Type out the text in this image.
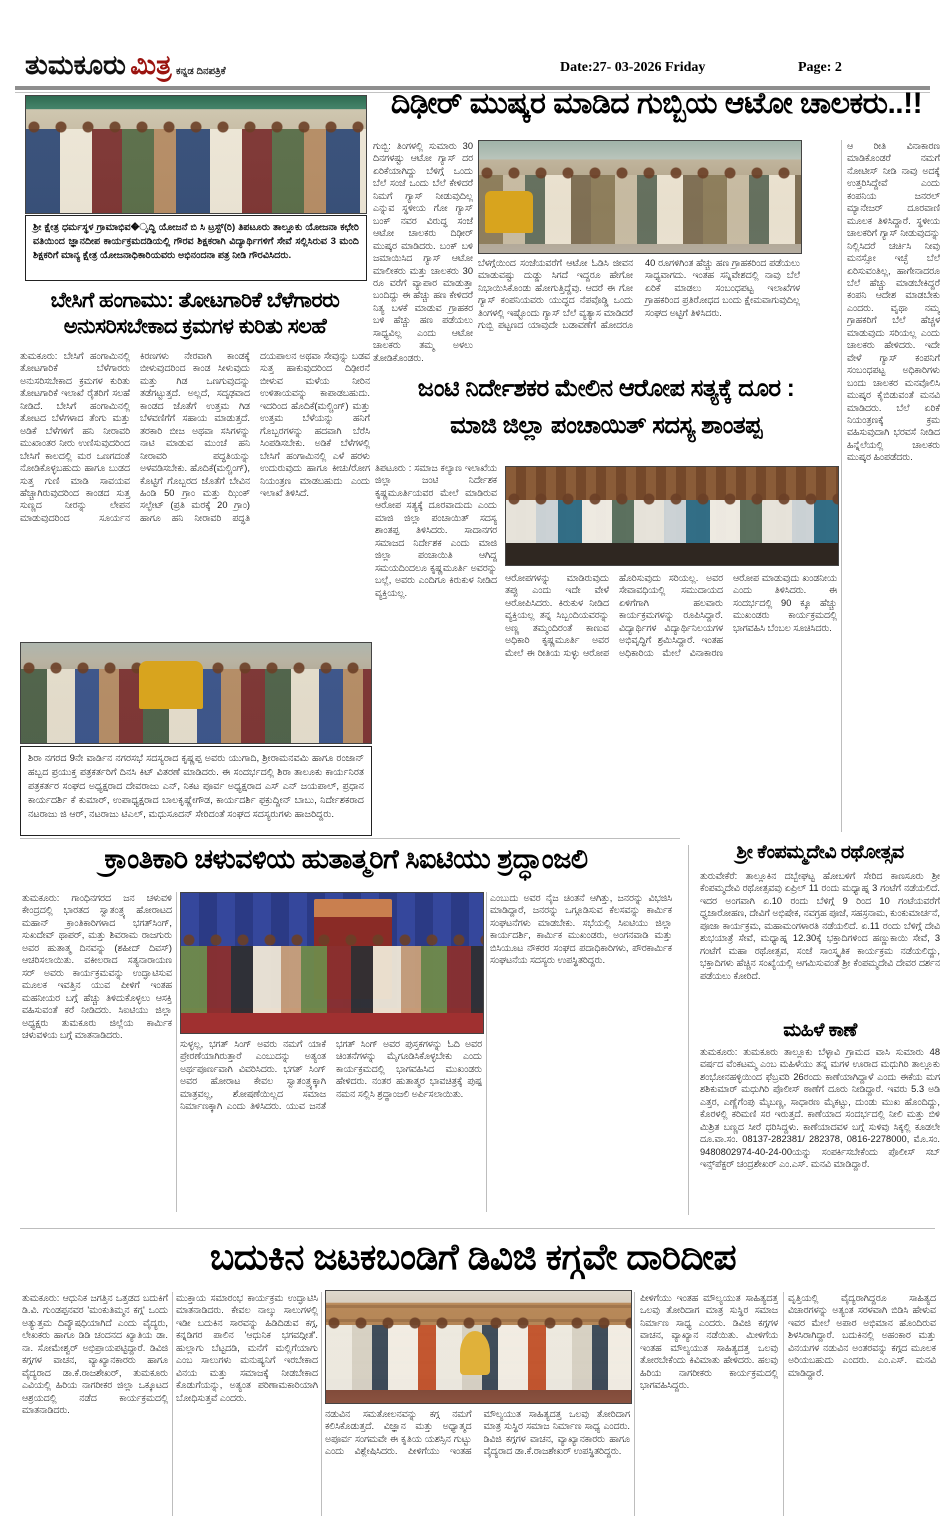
ತುಮಕೂರು ಮಿತ್ರ ಕನ್ನಡ ದಿನಪತ್ರಿಕೆ	Date:27- 03-2026 Friday	Page: 2
ಶ್ರೀ ಕ್ಷೇತ್ರ ಧರ್ಮಸ್ಥಳ ಗ್ರಾಮಾಭಿವ�ೃದ್ಧಿ ಯೋಜನೆ ಬಿ ಸಿ ಟ್ರಸ್ಟ್(ರಿ) ತಿಪಟೂರು ತಾಲ್ಲೂಕು ಯೋಜನಾ ಕಛೇರಿ ವತಿಯಿಂದ ಜ್ಞಾನದೀಪ ಕಾರ್ಯಕ್ರಮದಡಿಯಲ್ಲಿ ಗೌರವ ಶಿಕ್ಷಕರಾಗಿ ವಿದ್ಯಾರ್ಥಿಗಳಿಗೆ ಸೇವೆ ಸಲ್ಲಿಸಿರುವ 3 ಮಂದಿ ಶಿಕ್ಷಕರಿಗೆ ಮಾನ್ಯ ಕ್ಷೇತ್ರ ಯೋಜನಾಧಿಕಾರಿಯವರು ಅಭಿನಂದನಾ ಪತ್ರ ನೀಡಿ ಗೌರವಿಸಿದರು.
ದಿಢೀರ್ ಮುಷ್ಕರ ಮಾಡಿದ ಗುಬ್ಬಿಯ ಆಟೋ ಚಾಲಕರು..!!
ಗುಬ್ಬಿ: ತಿಂಗಳಲ್ಲಿ ಸುಮಾರು 30 ದಿನಗಳಷ್ಟು ಆಟೋ ಗ್ಯಾಸ್ ದರ ಏರಿಕೆಯಾಗಿದ್ದು ಬೆಳಿಗ್ಗೆ ಒಂದು ಬೆಲೆ ಸಂಜೆ ಒಂದು ಬೆಲೆ ಕೇಳಿದರೆ ನಿಮಗೆ ಗ್ಯಾಸ್ ನೀಡುವುದಿಲ್ಲ ಎನ್ನುವ ಸ್ಥಳೀಯ ಗೋ ಗ್ಯಾಸ್ ಬಂಕ್ ನವರ ವಿರುದ್ಧ ಸಂಜೆ ಆಟೋ ಚಾಲಕರು ದಿಢೀರ್ ಮುಷ್ಕರ ಮಾಡಿದರು. ಬಂಕ್ ಬಳಿ ಜಮಾಯಿಸಿದ ಗ್ಯಾಸ್ ಆಟೋ ಮಾಲೀಕರು ಮತ್ತು ಚಾಲಕರು 30 ರೂ ವರೆಗೆ ವ್ಯಾಪಾರ ಮಾಡುತ್ತಾ ಬಂದಿದ್ದು ಈ ಹೆಚ್ಚು ಹಣ ಕೇಳಿದರೆ ನಿತ್ಯ ಬಳಕೆ ಮಾಡುವ ಗ್ರಾಹಕರ ಬಳಿ ಹೆಚ್ಚು ಹಣ ಪಡೆಯಲು ಸಾಧ್ಯವಿಲ್ಲ ಎಂದು ಆಟೋ ಚಾಲಕರು ತಮ್ಮ ಅಳಲು ತೋಡಿಕೊಂಡರು.
ಬೆಳಗ್ಗೆಯಿಂದ ಸಂಜೆಯವರೆಗೆ ಆಟೋ ಓಡಿಸಿ ಜೀವನ ಮಾಡುವಷ್ಟು ದುಡ್ಡು ಸಿಗದೆ ಇದ್ದರೂ ಹೇಗೋ ನಿಭಾಯಿಸಿಕೊಂಡು ಹೋಗುತ್ತಿದ್ದೆವು. ಆದರೆ ಈ ಗೋ ಗ್ಯಾಸ್ ಕಂಪನಿಯವರು ಯುದ್ಧದ ನೆಪವೊಡ್ಡಿ ಒಂದು ತಿಂಗಳಲ್ಲಿ ಇಷ್ಟೊಂದು ಗ್ಯಾಸ್ ಬೆಲೆ ವ್ಯತ್ಯಾಸ ಮಾಡಿದರೆ ಗುಬ್ಬಿ ಪಟ್ಟಣದ ಯಾವುದೇ ಬಡಾವಣೆಗೆ ಹೋದರೂ 40 ರೂಗಳಿಗಿಂತ ಹೆಚ್ಚು ಹಣ ಗ್ರಾಹಕರಿಂದ ಪಡೆಯಲು ಸಾಧ್ಯವಾಗದು. ಇಂತಹ ಸನ್ನಿವೇಶದಲ್ಲಿ ನಾವು ಬೆಲೆ ಏರಿಕೆ ಮಾಡಲು ಸಂಬಂಧಪಟ್ಟ ಇಲಾಖೆಗಳ ಗ್ರಾಹಕರಿಂದ ಪ್ರತಿರೋಧದ ಬಂದು ಕ್ಷೇಮವಾಗುವುದಿಲ್ಲ ಸಂಘದ ಅಟ್ಟಿಗೆ ತಿಳಿಸಿದರು.
ಆ ರೀತಿ ವಿನಾಕಾರಣ ಮಾಡಿಕೊಂಡರೆ ನಮಗೆ ನೋಟೀಸ್ ನೀಡಿ ನಾವು ಅದಕ್ಕೆ ಉತ್ತರಿಸಿದ್ದೇವೆ ಎಂದು ಕಂಪನಿಯ ಜನರಲ್ ಮ್ಯಾನೇಜರ್ ದೂರವಾಣಿ ಮೂಲಕ ತಿಳಿಸಿದ್ದಾರೆ. ಸ್ಥಳೀಯ ಚಾಲಕರಿಗೆ ಗ್ಯಾಸ್ ನೀಡುವುದನ್ನು ನಿಲ್ಲಿಸಿದರೆ ಚರ್ಚಿಸಿ ನೀವು ಮನಸ್ಸೋ ಇಚ್ಛೆ ಬೆಲೆ ಏರಿಸುವಂತಿಲ್ಲ, ಹಾಗೇನಾದರೂ ಬೆಲೆ ಹೆಚ್ಚು ಮಾಡಬೇಕಿದ್ದರೆ ಕಂಪನಿ ಆದೇಶ ಮಾಡಬೇಕು ಎಂದರು. ವೃಥಾ ನಮ್ಮ ಗ್ರಾಹಕರಿಗೆ ಬೆಲೆ ಹೆಚ್ಚಳ ಮಾಡುವುದು ಸರಿಯಲ್ಲ ಎಂದು ಚಾಲಕರು ಹೇಳಿದರು. ಇದೇ ವೇಳೆ ಗ್ಯಾಸ್ ಕಂಪನಿಗೆ ಸಂಬಂಧಪಟ್ಟ ಅಧಿಕಾರಿಗಳು ಬಂದು ಚಾಲಕರ ಮನವೊಲಿಸಿ ಮುಷ್ಕರ ಕೈಬಿಡುವಂತೆ ಮನವಿ ಮಾಡಿದರು. ಬೆಲೆ ಏರಿಕೆ ನಿಯಂತ್ರಣಕ್ಕೆ ಕ್ರಮ ವಹಿಸುವುದಾಗಿ ಭರವಸೆ ನೀಡಿದ ಹಿನ್ನೆಲೆಯಲ್ಲಿ ಚಾಲಕರು ಮುಷ್ಕರ ಹಿಂಪಡೆದರು.
ಬೇಸಿಗೆ ಹಂಗಾಮು: ತೋಟಗಾರಿಕೆ ಬೆಳೆಗಾರರು ಅನುಸರಿಸಬೇಕಾದ ಕ್ರಮಗಳ ಕುರಿತು ಸಲಹೆ
ತುಮಕೂರು: ಬೇಸಿಗೆ ಹಂಗಾಮಿನಲ್ಲಿ ತೋಟಗಾರಿಕೆ ಬೆಳೆಗಾರರು ಅನುಸರಿಸಬೇಕಾದ ಕ್ರಮಗಳ ಕುರಿತು ತೋಟಗಾರಿಕೆ ಇಲಾಖೆ ರೈತರಿಗೆ ಸಲಹೆ ನೀಡಿದೆ. ಬೇಸಿಗೆ ಹಂಗಾಮಿನಲ್ಲಿ ತೋಟದ ಬೆಳೆಗಳಾದ ತೆಂಗು ಮತ್ತು ಅಡಿಕೆ ಬೆಳೆಗಳಿಗೆ ಹನಿ ನೀರಾವರಿ ಮುಖಾಂತರ ನೀರು ಉಣಿಸುವುದರಿಂದ ಬೇಸಿಗೆ ಕಾಲದಲ್ಲಿ ಮರ ಒಣಗದಂತೆ ನೋಡಿಕೊಳ್ಳಬಹುದು ಹಾಗೂ ಬುಡದ ಸುತ್ತ ಗುಣಿ ಮಾಡಿ ಸಾವಯವ ಹೆಚ್ಚಾಗಿರುವುದರಿಂದ ಕಾಂಡದ ಸುತ್ತ ಸುಣ್ಣದ ನೀರನ್ನು ಲೇಪನ ಮಾಡುವುದರಿಂದ ಸೂರ್ಯನ ಕಿರಣಗಳು ನೇರವಾಗಿ ಕಾಂಡಕ್ಕೆ ಬೀಳುವುದರಿಂದ ಕಾಂಡ ಸೀಳುವುದು ಮತ್ತು ಗಿಡ ಒಣಗುವುದನ್ನು ತಡೆಗಟ್ಟುತ್ತದೆ. ಅಲ್ಲದೆ, ಸದೃಢವಾದ ಕಾಂಡದ ಜೊತೆಗೆ ಉತ್ತಮ ಗಿಡ ಬೆಳವಣಿಗೆಗೆ ಸಹಾಯ ಮಾಡುತ್ತದೆ. ತರಕಾರಿ ಬೀಜ ಅಥವಾ ಸಸಿಗಳನ್ನು ನಾಟಿ ಮಾಡುವ ಮುಂಚೆ ಹನಿ ನೀರಾವರಿ ಪದ್ಧತಿಯನ್ನು ಅಳವಡಿಸಬೇಕು. ಹೊದಿಕೆ(ಮಲ್ಚಿಂಗ್), ಕೊಟ್ಟಿಗೆ ಗೊಬ್ಬರದ ಜೊತೆಗೆ ಬೇವಿನ ಹಿಂಡಿ 50 ಗ್ರಾಂ ಮತ್ತು ಝಿಂಕ್ ಸಲ್ಫೇಟ್ (ಪ್ರತಿ ಮರಕ್ಕೆ 20 ಗ್ರಾಂ) ಹಾಗೂ ಹನಿ ನೀರಾವರಿ ಪದ್ಧತಿ ದಯಪಾಲನ ಅಥವಾ ಸೇವುನ್ನು ಬಡವ ಸುತ್ತ ಹಾಕುವುದರಿಂದ ದಿಢೀರನೆ ಬೀಳುವ ಮಳೆಯ ನೀರಿನ ಉಳಿತಾಯವನ್ನು ಕಾಪಾಡಬಹುದು. ಇದರಿಂದ ಹೊದಿಕೆ(ಮಲ್ಚಿಂಗ್) ಮತ್ತು ಉತ್ತಮ ಬೆಳೆಯನ್ನು ಹನಿಗೆ ಗೊಬ್ಬರಗಳನ್ನು ಹದವಾಗಿ ಬೆರೆಸಿ ಸಿಂಪಡಿಸಬೇಕು. ಅಡಿಕೆ ಬೆಳೆಗಳಲ್ಲಿ ಬೇಸಿಗೆ ಹಂಗಾಮಿನಲ್ಲಿ ಎಳೆ ಹರಳು ಉದುರುವುದು ಹಾಗೂ ಕೀಚು/ರೋಗ ನಿಯಂತ್ರಣ ಮಾಡಬಹುದು ಎಂದು ಇಲಾಖೆ ತಿಳಿಸಿದೆ.
ಶಿರಾ ನಗರದ 9ನೇ ವಾರ್ಡಿನ ನಗರಸಭೆ ಸದಸ್ಯರಾದ ಕೃಷ್ಣಪ್ಪ ಅವರು ಯುಗಾದಿ, ಶ್ರೀರಾಮನವಮಿ ಹಾಗೂ ರಂಜಾನ್ ಹಬ್ಬದ ಪ್ರಯುಕ್ತ ಪತ್ರಕರ್ತರಿಗೆ ದಿನಸಿ ಕಿಟ್ ವಿತರಣೆ ಮಾಡಿದರು. ಈ ಸಂದರ್ಭದಲ್ಲಿ ಶಿರಾ ತಾಲೂಕು ಕಾರ್ಯನಿರತ ಪತ್ರಕರ್ತರ ಸಂಘದ ಅಧ್ಯಕ್ಷರಾದ ದೇವರಾಜು ಎನ್, ನಿಕಟ ಪೂರ್ವ ಅಧ್ಯಕ್ಷರಾದ ಎಸ್ ಎನ್ ಜಯಪಾಲ್, ಪ್ರಧಾನ ಕಾರ್ಯದರ್ಶಿ ಕೆ ಕುಮಾರ್, ಉಪಾಧ್ಯಕ್ಷರಾದ ಬಾಲಕೃಷ್ಣೇಗೌಡ, ಕಾರ್ಯದರ್ಶಿ ಫಕ್ರುದ್ದೀನ್ ಬಾಬು, ನಿರ್ದೇಶಕರಾದ ನಟರಾಜು ಜಿ ಆರ್, ನಟರಾಜು ಟಿಎಲ್, ಮಧುಸೂದನ್ ಸೇರಿದಂತೆ ಸಂಘದ ಸದಸ್ಯರುಗಳು ಹಾಜರಿದ್ದರು.
ಜಂಟಿ ನಿರ್ದೇಶಕರ ಮೇಲಿನ ಆರೋಪ ಸತ್ಯಕ್ಕೆ ದೂರ :
ಮಾಜಿ ಜಿಲ್ಲಾ ಪಂಚಾಯಿತ್ ಸದಸ್ಯ ಶಾಂತಪ್ಪ
ತಿಪಟೂರು : ಸಮಾಜ ಕಲ್ಯಾಣ ಇಲಾಖೆಯ ಜಿಲ್ಲಾ ಜಂಟಿ ನಿರ್ದೇಶಕ ಕೃಷ್ಣಮೂರ್ತಿಯವರ ಮೇಲೆ ಮಾಡಿರುವ ಆರೋಪ ಸತ್ಯಕ್ಕೆ ದೂರವಾದುದು ಎಂದು ಮಾಜಿ ಜಿಲ್ಲಾ ಪಂಚಾಯಿತ್ ಸದಸ್ಯ ಶಾಂತಪ್ಪ ತಿಳಿಸಿದರು. ಸಾದಾನಗರ ಸಮಾಜದ ನಿರ್ದೇಶಕ ಎಂದು ಮಾಜಿ ಜಿಲ್ಲಾ ಪಂಚಾಯಿತಿ ಆಗಿದ್ದ ಸಮಯದಿಂದಲೂ ಕೃಷ್ಣಮೂರ್ತಿ ಅವರನ್ನು ಬಲ್ಲೆ, ಅವರು ಎಂದಿಗೂ ಕಿರುಕುಳ ನೀಡಿದ ವ್ಯಕ್ತಿಯಲ್ಲ.
ಆರೋಪಗಳನ್ನು ಮಾಡಿರುವುದು ತಪ್ಪು ಎಂದು ಇದೇ ವೇಳೆ ಆರೋಪಿಸಿದರು. ಕಿರುಕುಳ ನೀಡಿದ ವ್ಯಕ್ತಿಯಲ್ಲ ತನ್ನ ಸಿಬ್ಬಂದಿಯವರನ್ನು ಅಣ್ಣ ತಮ್ಮಂದಿರಂತೆ ಕಾಣುವ ಅಧಿಕಾರಿ ಕೃಷ್ಣಮೂರ್ತಿ ಅವರ ಮೇಲೆ ಈ ರೀತಿಯ ಸುಳ್ಳು ಆರೋಪ ಹೊರಿಸುವುದು ಸರಿಯಲ್ಲ. ಅವರ ಸೇವಾವಧಿಯಲ್ಲಿ ಸಮುದಾಯದ ಏಳಿಗೆಗಾಗಿ ಹಲವಾರು ಕಾರ್ಯಕ್ರಮಗಳನ್ನು ರೂಪಿಸಿದ್ದಾರೆ. ವಿದ್ಯಾರ್ಥಿಗಳ ವಿದ್ಯಾರ್ಥಿನಿಲಯಗಳ ಅಭಿವೃದ್ಧಿಗೆ ಶ್ರಮಿಸಿದ್ದಾರೆ. ಇಂತಹ ಅಧಿಕಾರಿಯ ಮೇಲೆ ವಿನಾಕಾರಣ ಆರೋಪ ಮಾಡುವುದು ಖಂಡನೀಯ ಎಂದು ತಿಳಿಸಿದರು. ಈ ಸಂದರ್ಭದಲ್ಲಿ 90 ಕ್ಕೂ ಹೆಚ್ಚು ಮುಖಂಡರು ಕಾರ್ಯಕ್ರಮದಲ್ಲಿ ಭಾಗವಹಿಸಿ ಬೆಂಬಲ ಸೂಚಿಸಿದರು.
ಶ್ರೀ ಕೆಂಪಮ್ಮದೇವಿ ರಥೋತ್ಸವ
ತುರುವೇಕೆರೆ: ತಾಲ್ಲೂಕಿನ ದಬ್ಬೇಘಟ್ಟ ಹೋಬಳಿಗೆ ಸೇರಿದ ಕಾಣಸೂರು ಶ್ರೀ ಕೆಂಪಮ್ಮದೇವಿ ರಥೋತ್ಸವವು ಏಪ್ರಿಲ್ 11 ರಂದು ಮಧ್ಯಾಹ್ನ 3 ಗಂಟೆಗೆ ನಡೆಯಲಿದೆ. ಇದರ ಅಂಗವಾಗಿ ಏ.10 ರಂದು ಬೆಳಿಗ್ಗೆ 9 ರಿಂದ 10 ಗಂಟೆಯವರೆಗೆ ಧ್ವಜಾರೋಹಣ, ದೇವಿಗೆ ಅಭಿಷೇಕ, ನವಗ್ರಹ ಪೂಜೆ, ಸಹಸ್ರನಾಮ, ಕುಂಕುಮಾರ್ಚನೆ, ಪೂಜಾ ಕಾರ್ಯಕ್ರಮ, ಮಹಾಮಂಗಳಾರತಿ ನಡೆಯಲಿದೆ. ಏ.11 ರಂದು ಬೆಳಿಗ್ಗೆ ದೇವಿ ಶುಭಯಾತ್ರೆ ಸೇವೆ, ಮಧ್ಯಾಹ್ನ 12.30ಕ್ಕೆ ಭಕ್ತಾದಿಗಳಿಂದ ಹಣ್ಣುಕಾಯಿ ಸೇವೆ, 3 ಗಂಟೆಗೆ ಮಹಾ ರಥೋತ್ಸವ, ಸಂಜೆ ಸಾಂಸ್ಕೃತಿಕ ಕಾರ್ಯಕ್ರಮ ನಡೆಯಲಿದ್ದು, ಭಕ್ತಾದಿಗಳು ಹೆಚ್ಚಿನ ಸಂಖ್ಯೆಯಲ್ಲಿ ಆಗಮಿಸುವಂತೆ ಶ್ರೀ ಕೆಂಪಮ್ಮದೇವಿ ದೇವರ ದರ್ಶನ ಪಡೆಯಲು ಕೋರಿದೆ.
ಮಹಿಳೆ ಕಾಣೆ
ತುಮಕೂರು: ತುಮಕೂರು ತಾಲ್ಲೂಕು ಬೆಳ್ಳಾವಿ ಗ್ರಾಮದ ವಾಸಿ ಸುಮಾರು 48 ವರ್ಷದ ವೆಂಕಟಮ್ಮ ಎಂಬ ಮಹಿಳೆಯು ತನ್ನ ಮಗಳ ಊರಾದ ಮಧುಗಿರಿ ತಾಲ್ಲೂಕು ಶಂಭೋನಹಳ್ಳಿಯಿಂದ ಫೆಬ್ರವರಿ 26ರಂದು ಕಾಣೆಯಾಗಿದ್ದಾಳೆ ಎಂದು ಈಕೆಯ ಮಗ ಶಶಿಕುಮಾರ್ ಮಧುಗಿರಿ ಪೊಲೀಸ್ ಠಾಣೆಗೆ ದೂರು ನೀಡಿದ್ದಾರೆ. ಇವರು 5.3 ಅಡಿ ಎತ್ತರ, ಎಣ್ಣೆಗೆಂಪು ಮೈಬಣ್ಣ, ಸಾಧಾರಣ ಮೈಕಟ್ಟು, ದುಂಡು ಮುಖ ಹೊಂದಿದ್ದು, ಕೊರಳಲ್ಲಿ ಕರಿಮಣಿ ಸರ ಇರುತ್ತದೆ. ಕಾಣೆಯಾದ ಸಂದರ್ಭದಲ್ಲಿ ನೀಲಿ ಮತ್ತು ಬಿಳಿ ಮಿಶ್ರಿತ ಬಣ್ಣದ ಸೀರೆ ಧರಿಸಿದ್ದಳು. ಕಾಣೆಯಾದವಳ ಬಗ್ಗೆ ಸುಳಿವು ಸಿಕ್ಕಲ್ಲಿ ಕೂಡಲೇ ದೂ.ವಾ.ಸಂ. 08137-282381/ 282378, 0816-2278000, ಮೊ.ಸಂ. 9480802974-40-24-00ಯನ್ನು ಸಂಪರ್ಕಿಸಬೇಕೆಂದು ಪೊಲೀಸ್ ಸಬ್ ಇನ್ಸ್‌ಪೆಕ್ಟರ್ ಚಂದ್ರಶೇಖರ್ ಎಂ.ಎಸ್. ಮನವಿ ಮಾಡಿದ್ದಾರೆ.
ಕ್ರಾಂತಿಕಾರಿ ಚಳುವಳಿಯ ಹುತಾತ್ಮರಿಗೆ ಸಿಐಟಿಯು ಶ್ರದ್ಧಾಂಜಲಿ
ತುಮಕೂರು: ಗಾಂಧಿನಗರದ ಜನ ಚಳುವಳಿ ಕೇಂದ್ರದಲ್ಲಿ ಭಾರತದ ಸ್ವಾತಂತ್ರ್ಯ ಹೋರಾಟದ ಮಹಾನ್ ಕ್ರಾಂತಿಕಾರಿಗಳಾದ ಭಗತ್‌ಸಿಂಗ್, ಸುಖದೇವ್ ಥಾಪರ್, ಮತ್ತು ಶಿವರಾಮ ರಾಜಗುರು ಅವರ ಹುತಾತ್ಮ ದಿನವನ್ನು (ಶಹೀದ್ ದಿವಸ್) ಆಚರಿಸಲಾಯಿತು. ವಕೀಲರಾದ ಸತ್ಯನಾರಾಯಣ ಸರ್ ಅವರು ಕಾರ್ಯಕ್ರಮವನ್ನು ಉದ್ಘಾಟಿಸುವ ಮೂಲಕ ಇವತ್ತಿನ ಯುವ ಪೀಳಿಗೆ ಇಂತಹ ಮಹನೀಯರ ಬಗ್ಗೆ ಹೆಚ್ಚು ತಿಳಿದುಕೊಳ್ಳಲು ಆಸಕ್ತಿ ವಹಿಸುವಂತೆ ಕರೆ ನೀಡಿದರು. ಸಿಐಟಿಯು ಜಿಲ್ಲಾ ಅಧ್ಯಕ್ಷರು ತುಮಕೂರು ಜಿಲ್ಲೆಯ ಕಾರ್ಮಿಕ ಚಳುವಳಿಯ ಬಗ್ಗೆ ಮಾತನಾಡಿದರು.
ಸುಳ್ಳಲ್ಲ, ಭಗತ್ ಸಿಂಗ್ ಅವರು ನಮಗೆ ಯಾಕೆ ಪ್ರೇರಣೆಯಾಗಿರುತ್ತಾರೆ ಎಂಬುದನ್ನು ಅತ್ಯಂತ ಅರ್ಥಪೂರ್ಣವಾಗಿ ವಿವರಿಸಿದರು. ಭಗತ್ ಸಿಂಗ್ ಅವರ ಹೋರಾಟ ಕೇವಲ ಸ್ವಾತಂತ್ರ್ಯಕ್ಕಾಗಿ ಮಾತ್ರವಲ್ಲ, ಶೋಷಣೆಯಿಲ್ಲದ ಸಮಾಜ ನಿರ್ಮಾಣಕ್ಕಾಗಿ ಎಂದು ತಿಳಿಸಿದರು. ಯುವ ಜನತೆ ಭಗತ್ ಸಿಂಗ್ ಅವರ ಪುಸ್ತಕಗಳನ್ನು ಓದಿ ಅವರ ಚಿಂತನೆಗಳನ್ನು ಮೈಗೂಡಿಸಿಕೊಳ್ಳಬೇಕು ಎಂದು ಕಾರ್ಯಕ್ರಮದಲ್ಲಿ ಭಾಗವಹಿಸಿದ ಮುಖಂಡರು ಹೇಳಿದರು. ನಂತರ ಹುತಾತ್ಮರ ಭಾವಚಿತ್ರಕ್ಕೆ ಪುಷ್ಪ ನಮನ ಸಲ್ಲಿಸಿ ಶ್ರದ್ಧಾಂಜಲಿ ಅರ್ಪಿಸಲಾಯಿತು.
ಎಂಬುದು ಅವರ ನೈಜ ಚಿಂತನೆ ಆಗಿತ್ತು, ಜನರನ್ನು ವಿಭಜಿಸಿ ಮಾಡಿದ್ದಾರೆ, ಜನರನ್ನು ಒಗ್ಗೂಡಿಸುವ ಕೆಲಸವನ್ನು ಕಾರ್ಮಿಕ ಸಂಘಟನೆಗಳು ಮಾಡಬೇಕು. ಸಭೆಯಲ್ಲಿ ಸಿಐಟಿಯು ಜಿಲ್ಲಾ ಕಾರ್ಯದರ್ಶಿ, ಕಾರ್ಮಿಕ ಮುಖಂಡರು, ಅಂಗನವಾಡಿ ಮತ್ತು ಬಿಸಿಯೂಟ ನೌಕರರ ಸಂಘದ ಪದಾಧಿಕಾರಿಗಳು, ಪೌರಕಾರ್ಮಿಕ ಸಂಘಟನೆಯ ಸದಸ್ಯರು ಉಪಸ್ಥಿತರಿದ್ದರು.
ಬದುಕಿನ ಜಟಕಬಂಡಿಗೆ ಡಿವಿಜಿ ಕಗ್ಗವೇ ದಾರಿದೀಪ
ತುಮಕೂರು: ಆಧುನಿಕ ಜಗತ್ತಿನ ಒತ್ತಡದ ಬದುಕಿಗೆ ಡಿ.ವಿ. ಗುಂಡಪ್ಪನವರ 'ಮಂಕುತಿಮ್ಮನ ಕಗ್ಗ' ಒಂದು ಅತ್ಯುತ್ತಮ ದಿವ್ಯೌಷಧಿಯಾಗಿದೆ ಎಂದು ವೈದ್ಯರು, ಲೇಖಕರು ಹಾಗೂ ಡಿಡಿ ಚಂದನದ ಖ್ಯಾತಿಯ ಡಾ. ನಾ. ಸೋಮೇಶ್ವರ್ ಅಭಿಪ್ರಾಯಪಟ್ಟಿದ್ದಾರೆ. ಡಿವಿಜಿ ಕಗ್ಗಗಳ ವಾಚನ, ವ್ಯಾಖ್ಯಾನಕಾರರು ಹಾಗೂ ವೈದ್ಯರಾದ ಡಾ.ಕೆ.ರಾಜಶೇಖರ್, ತುಮಕೂರು ಎವಿಯಲ್ಲಿ ಹಿರಿಯ ನಾಗರೀಕರ ಜಿಲ್ಲಾ ಒಕ್ಕೂಟದ ಆಶ್ರಯದಲ್ಲಿ ನಡೆದ ಕಾರ್ಯಕ್ರಮದಲ್ಲಿ ಮಾತನಾಡಿದರು.
ಮುಕ್ತಾಯ ಸಮಾರಂಭ ಕಾರ್ಯಕ್ರಮ ಉದ್ಘಾಟಿಸಿ ಮಾತನಾಡಿದರು. ಕೇವಲ ನಾಲ್ಕು ಸಾಲುಗಳಲ್ಲಿ ಇಡೀ ಬದುಕಿನ ಸಾರವನ್ನು ಹಿಡಿದಿಡುವ ಕಗ್ಗ, ಕನ್ನಡಿಗರ ಪಾಲಿನ 'ಆಧುನಿಕ ಭಗವದ್ಗೀತೆ'. ಹುಲ್ಲಾಗು ಬೆಟ್ಟದಡಿ, ಮನೆಗೆ ಮಲ್ಲಿಗೆಯಾಗು ಎಂಬ ಸಾಲುಗಳು ಮನುಷ್ಯನಿಗೆ ಇರಬೇಕಾದ ವಿನಯ ಮತ್ತು ಸಮಾಜಕ್ಕೆ ನೀಡಬೇಕಾದ ಕೊಡುಗೆಯನ್ನು, ಅತ್ಯಂತ ಪರಿಣಾಮಕಾರಿಯಾಗಿ ಬೋಧಿಸುತ್ತವೆ ಎಂದರು.
ನಡುವಿನ ಸಮತೋಲನವನ್ನು ಕಗ್ಗ ನಮಗೆ ಕಲಿಸಿಕೊಡುತ್ತದೆ. ವಿಜ್ಞಾನ ಮತ್ತು ಅಧ್ಯಾತ್ಮದ ಅಪೂರ್ವ ಸಂಗಮವೇ ಈ ಕೃತಿಯ ಯಶಸ್ಸಿನ ಗುಟ್ಟು ಎಂದು ವಿಶ್ಲೇಷಿಸಿದರು. ಪೀಳಿಗೆಯು ಇಂತಹ ಮೌಲ್ಯಯುತ ಸಾಹಿತ್ಯದತ್ತ ಒಲವು ತೋರಿದಾಗ ಮಾತ್ರ ಸುಸ್ಥಿರ ಸಮಾಜ ನಿರ್ಮಾಣ ಸಾಧ್ಯ ಎಂದರು. ಡಿವಿಜಿ ಕಗ್ಗಗಳ ವಾಚನ, ವ್ಯಾಖ್ಯಾನಕಾರರು ಹಾಗೂ ವೈದ್ಯರಾದ ಡಾ.ಕೆ.ರಾಜಶೇಖರ್ ಉಪಸ್ಥಿತರಿದ್ದರು.
ಪೀಳಿಗೆಯು ಇಂತಹ ಮೌಲ್ಯಯುತ ಸಾಹಿತ್ಯದತ್ತ ಒಲವು ತೋರಿದಾಗ ಮಾತ್ರ ಸುಸ್ಥಿರ ಸಮಾಜ ನಿರ್ಮಾಣ ಸಾಧ್ಯ ಎಂದರು. ಡಿವಿಜಿ ಕಗ್ಗಗಳ ವಾಚನ, ವ್ಯಾಖ್ಯಾನ ನಡೆಯಿತು. ಮೀಳಿಗೆಯ ಇಂತಹ ಮೌಲ್ಯಯುತ ಸಾಹಿತ್ಯದತ್ತ ಒಲವು ತೋರಬೇಕೆಂದು ಕಿವಿಮಾತು ಹೇಳಿದರು. ಹಲವು ಹಿರಿಯ ನಾಗರೀಕರು ಕಾರ್ಯಕ್ರಮದಲ್ಲಿ ಭಾಗವಹಿಸಿದ್ದರು.
ವೃತ್ತಿಯಲ್ಲಿ ವೈದ್ಯರಾಗಿದ್ದರೂ ಸಾಹಿತ್ಯದ ವಿಚಾರಗಳನ್ನು ಅತ್ಯಂತ ಸರಳವಾಗಿ ಬಿಡಿಸಿ ಹೇಳುವ ಇವರ ಮೇಲೆ ಅಪಾರ ಅಭಿಮಾನ ಹೊಂದಿರುವ ಶಿಳಸಿರಾಗಿದ್ದಾರೆ. ಬದುಕಿನಲ್ಲಿ ಅಹಂಕಾರ ಮತ್ತು ವಿನಯಗಳ ನಡುವಿನ ಅಂತರವನ್ನು ಕಗ್ಗದ ಮೂಲಕ ಅರಿಯಬಹುದು ಎಂದರು. ಎಂ.ಎಸ್. ಮನವಿ ಮಾಡಿದ್ದಾರೆ.
